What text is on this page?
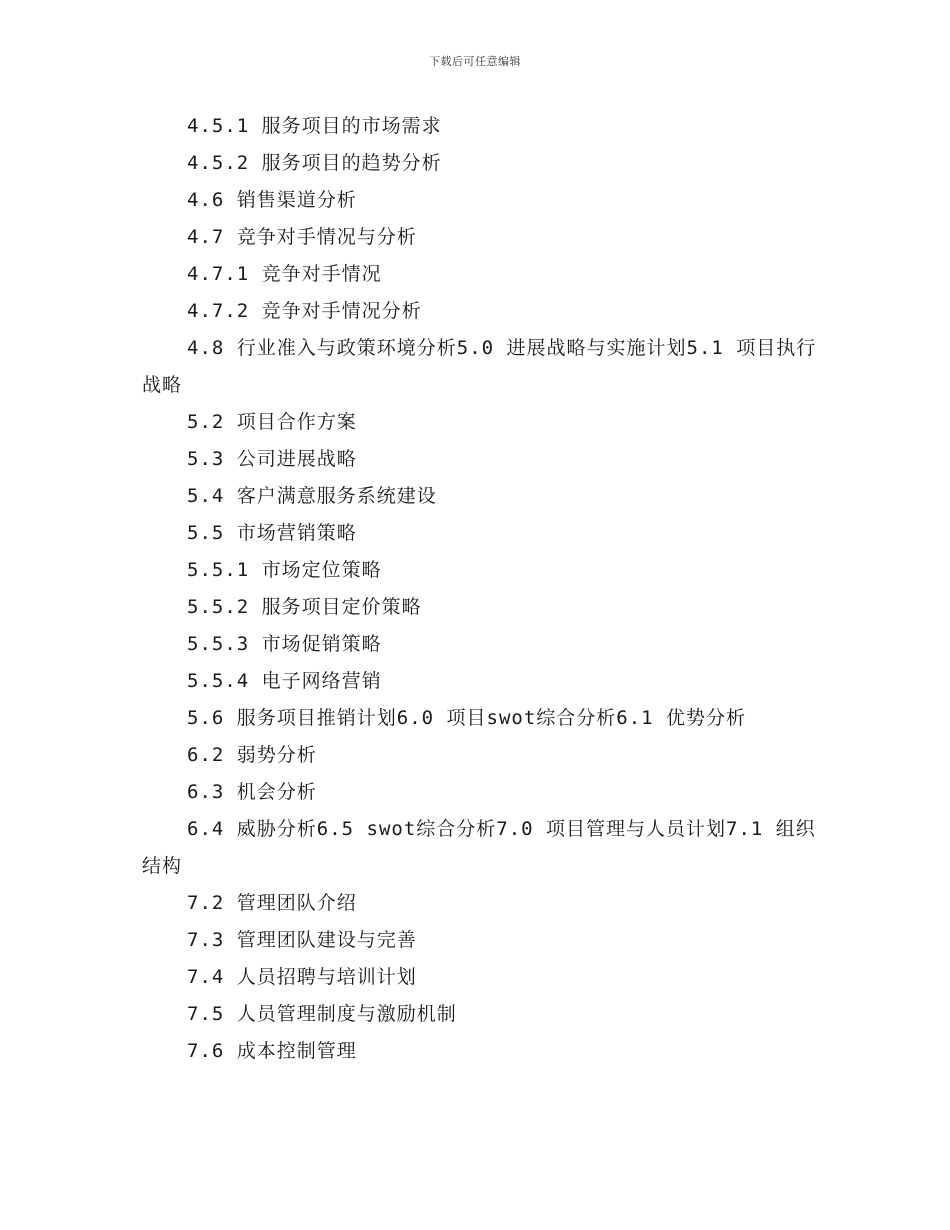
下载后可任意编辑
4.5.1 服务项目的市场需求
4.5.2 服务项目的趋势分析
4.6 销售渠道分析
4.7 竞争对手情况与分析
4.7.1 竞争对手情况
4.7.2 竞争对手情况分析
4.8 行业准入与政策环境分析5.0 进展战略与实施计划5.1 项目执行战略
5.2 项目合作方案
5.3 公司进展战略
5.4 客户满意服务系统建设
5.5 市场营销策略
5.5.1 市场定位策略
5.5.2 服务项目定价策略
5.5.3 市场促销策略
5.5.4 电子网络营销
5.6 服务项目推销计划6.0 项目swot综合分析6.1 优势分析
6.2 弱势分析
6.3 机会分析
6.4 威胁分析6.5 swot综合分析7.0 项目管理与人员计划7.1 组织结构
7.2 管理团队介绍
7.3 管理团队建设与完善
7.4 人员招聘与培训计划
7.5 人员管理制度与激励机制
7.6 成本控制管理
